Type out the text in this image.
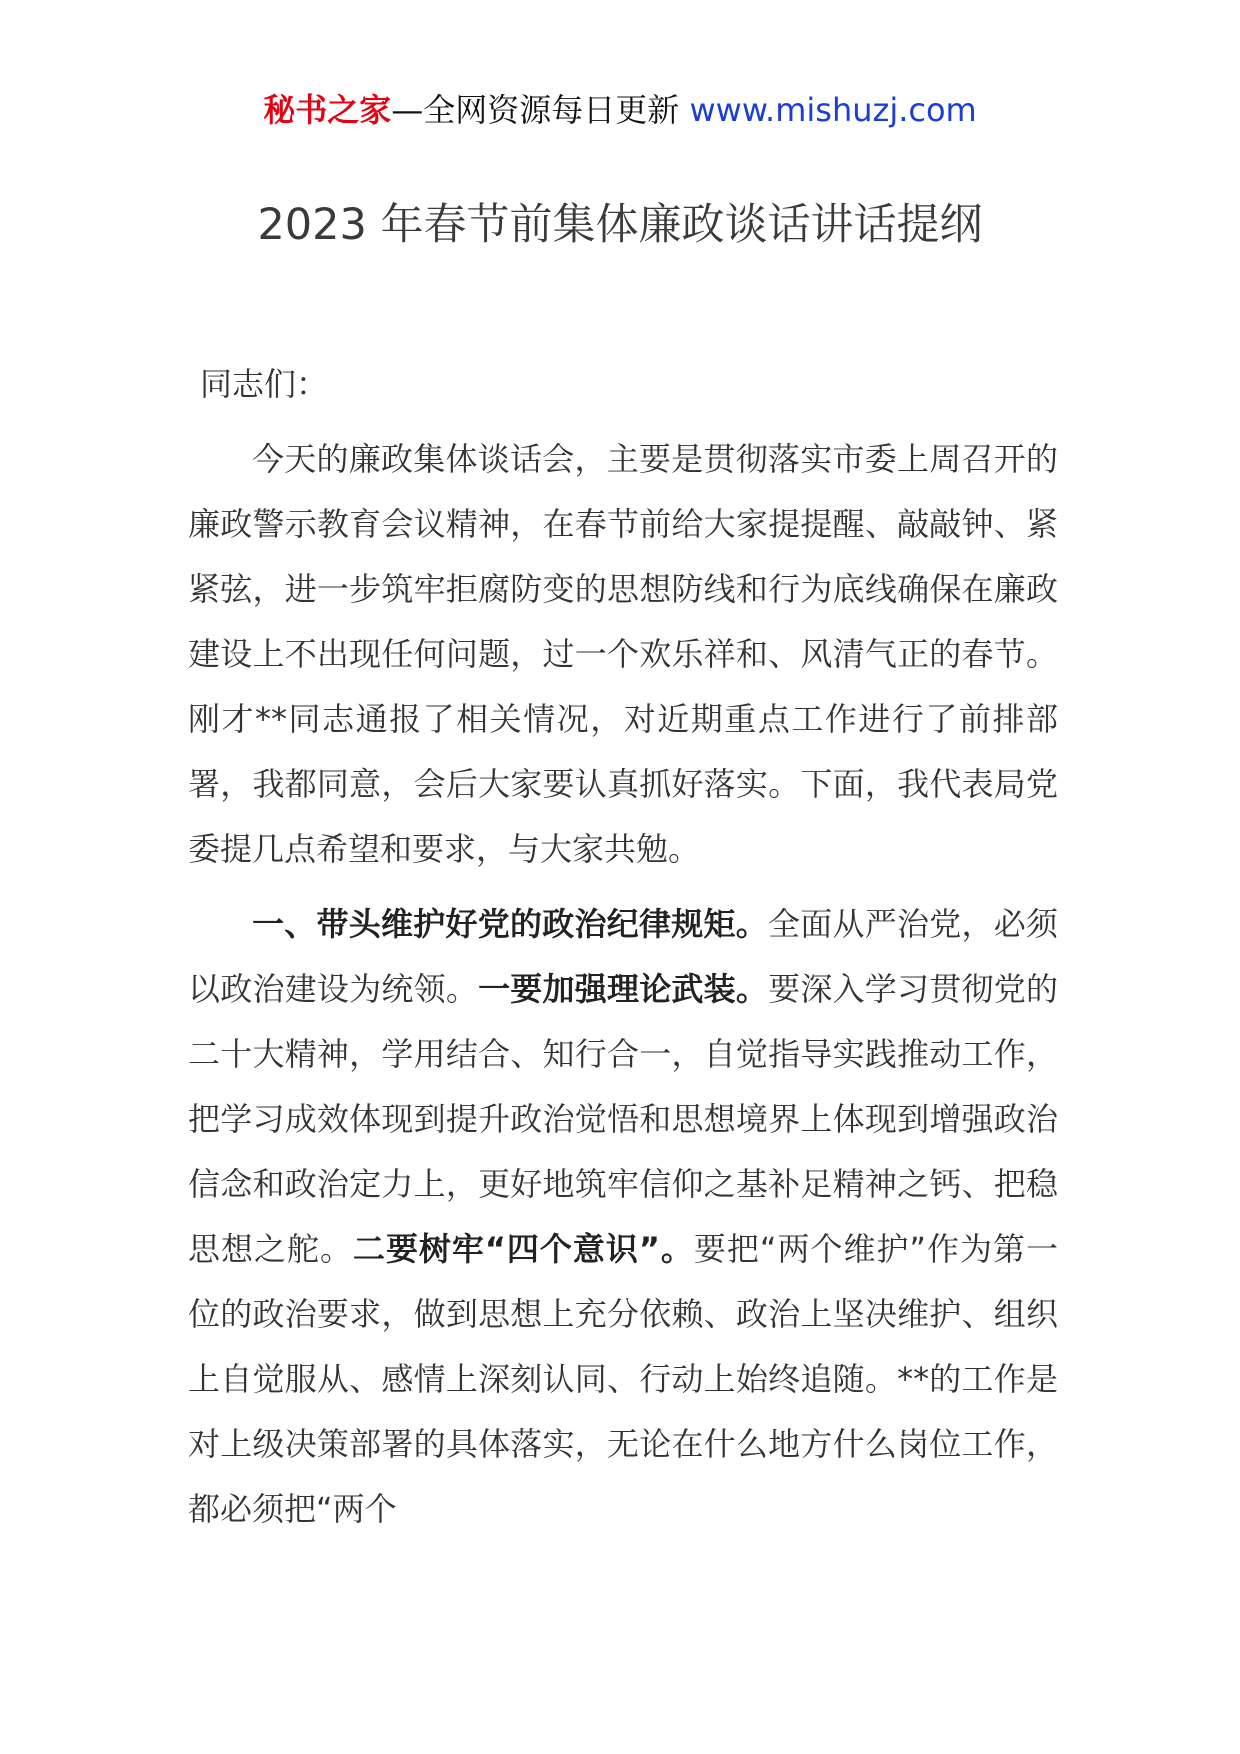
秘书之家—全网资源每日更新 www.mishuzj.com
2023 年春节前集体廉政谈话讲话提纲

同志们：

今天的廉政集体谈话会，主要是贯彻落实市委上周召开的廉政警示教育会议精神，在春节前给大家提提醒、敲敲钟、紧紧弦，进一步筑牢拒腐防变的思想防线和行为底线确保在廉政建设上不出现任何问题，过一个欢乐祥和、风清气正的春节。刚才**同志通报了相关情况，对近期重点工作进行了前排部署，我都同意，会后大家要认真抓好落实。下面，我代表局党委提几点希望和要求，与大家共勉。

一、带头维护好党的政治纪律规矩。全面从严治党，必须以政治建设为统领。一要加强理论武装。要深入学习贯彻党的二十大精神，学用结合、知行合一，自觉指导实践推动工作，把学习成效体现到提升政治觉悟和思想境界上体现到增强政治信念和政治定力上，更好地筑牢信仰之基补足精神之钙、把稳思想之舵。二要树牢“四个意识”。要把“两个维护”作为第一位的政治要求，做到思想上充分依赖、政治上坚决维护、组织上自觉服从、感情上深刻认同、行动上始终追随。**的工作是对上级决策部署的具体落实，无论在什么地方什么岗位工作，都必须把“两个
